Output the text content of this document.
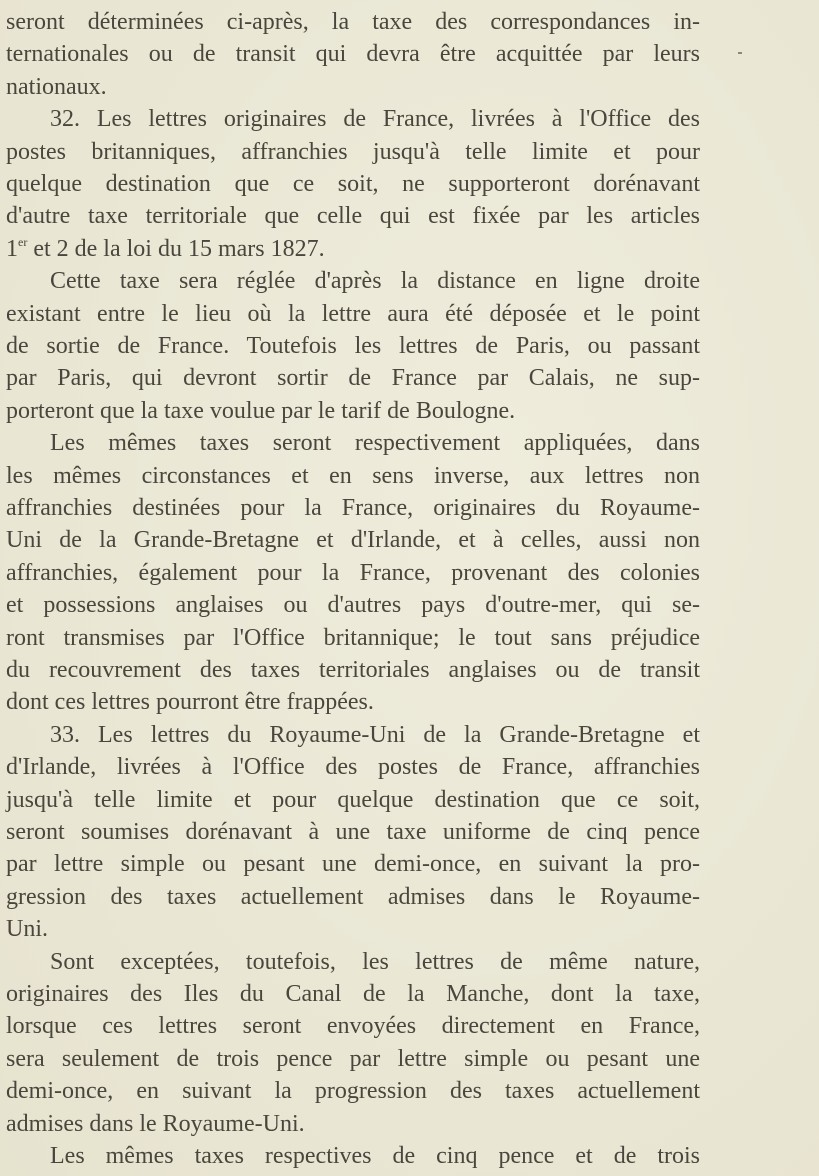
seront déterminées ci-après, la taxe des correspondances in-
ternationales ou de transit qui devra être acquittée par leurs
nationaux.
32. Les lettres originaires de France, livrées à l'Office des
postes britanniques, affranchies jusqu'à telle limite et pour
quelque destination que ce soit, ne supporteront dorénavant
d'autre taxe territoriale que celle qui est fixée par les articles
1er et 2 de la loi du 15 mars 1827.
Cette taxe sera réglée d'après la distance en ligne droite
existant entre le lieu où la lettre aura été déposée et le point
de sortie de France. Toutefois les lettres de Paris, ou passant
par Paris, qui devront sortir de France par Calais, ne sup-
porteront que la taxe voulue par le tarif de Boulogne.
Les mêmes taxes seront respectivement appliquées, dans
les mêmes circonstances et en sens inverse, aux lettres non
affranchies destinées pour la France, originaires du Royaume-
Uni de la Grande-Bretagne et d'Irlande, et à celles, aussi non
affranchies, également pour la France, provenant des colonies
et possessions anglaises ou d'autres pays d'outre-mer, qui se-
ront transmises par l'Office britannique; le tout sans préjudice
du recouvrement des taxes territoriales anglaises ou de transit
dont ces lettres pourront être frappées.
33. Les lettres du Royaume-Uni de la Grande-Bretagne et
d'Irlande, livrées à l'Office des postes de France, affranchies
jusqu'à telle limite et pour quelque destination que ce soit,
seront soumises dorénavant à une taxe uniforme de cinq pence
par lettre simple ou pesant une demi-once, en suivant la pro-
gression des taxes actuellement admises dans le Royaume-
Uni.
Sont exceptées, toutefois, les lettres de même nature,
originaires des Iles du Canal de la Manche, dont la taxe,
lorsque ces lettres seront envoyées directement en France,
sera seulement de trois pence par lettre simple ou pesant une
demi-once, en suivant la progression des taxes actuellement
admises dans le Royaume-Uni.
Les mêmes taxes respectives de cinq pence et de trois
